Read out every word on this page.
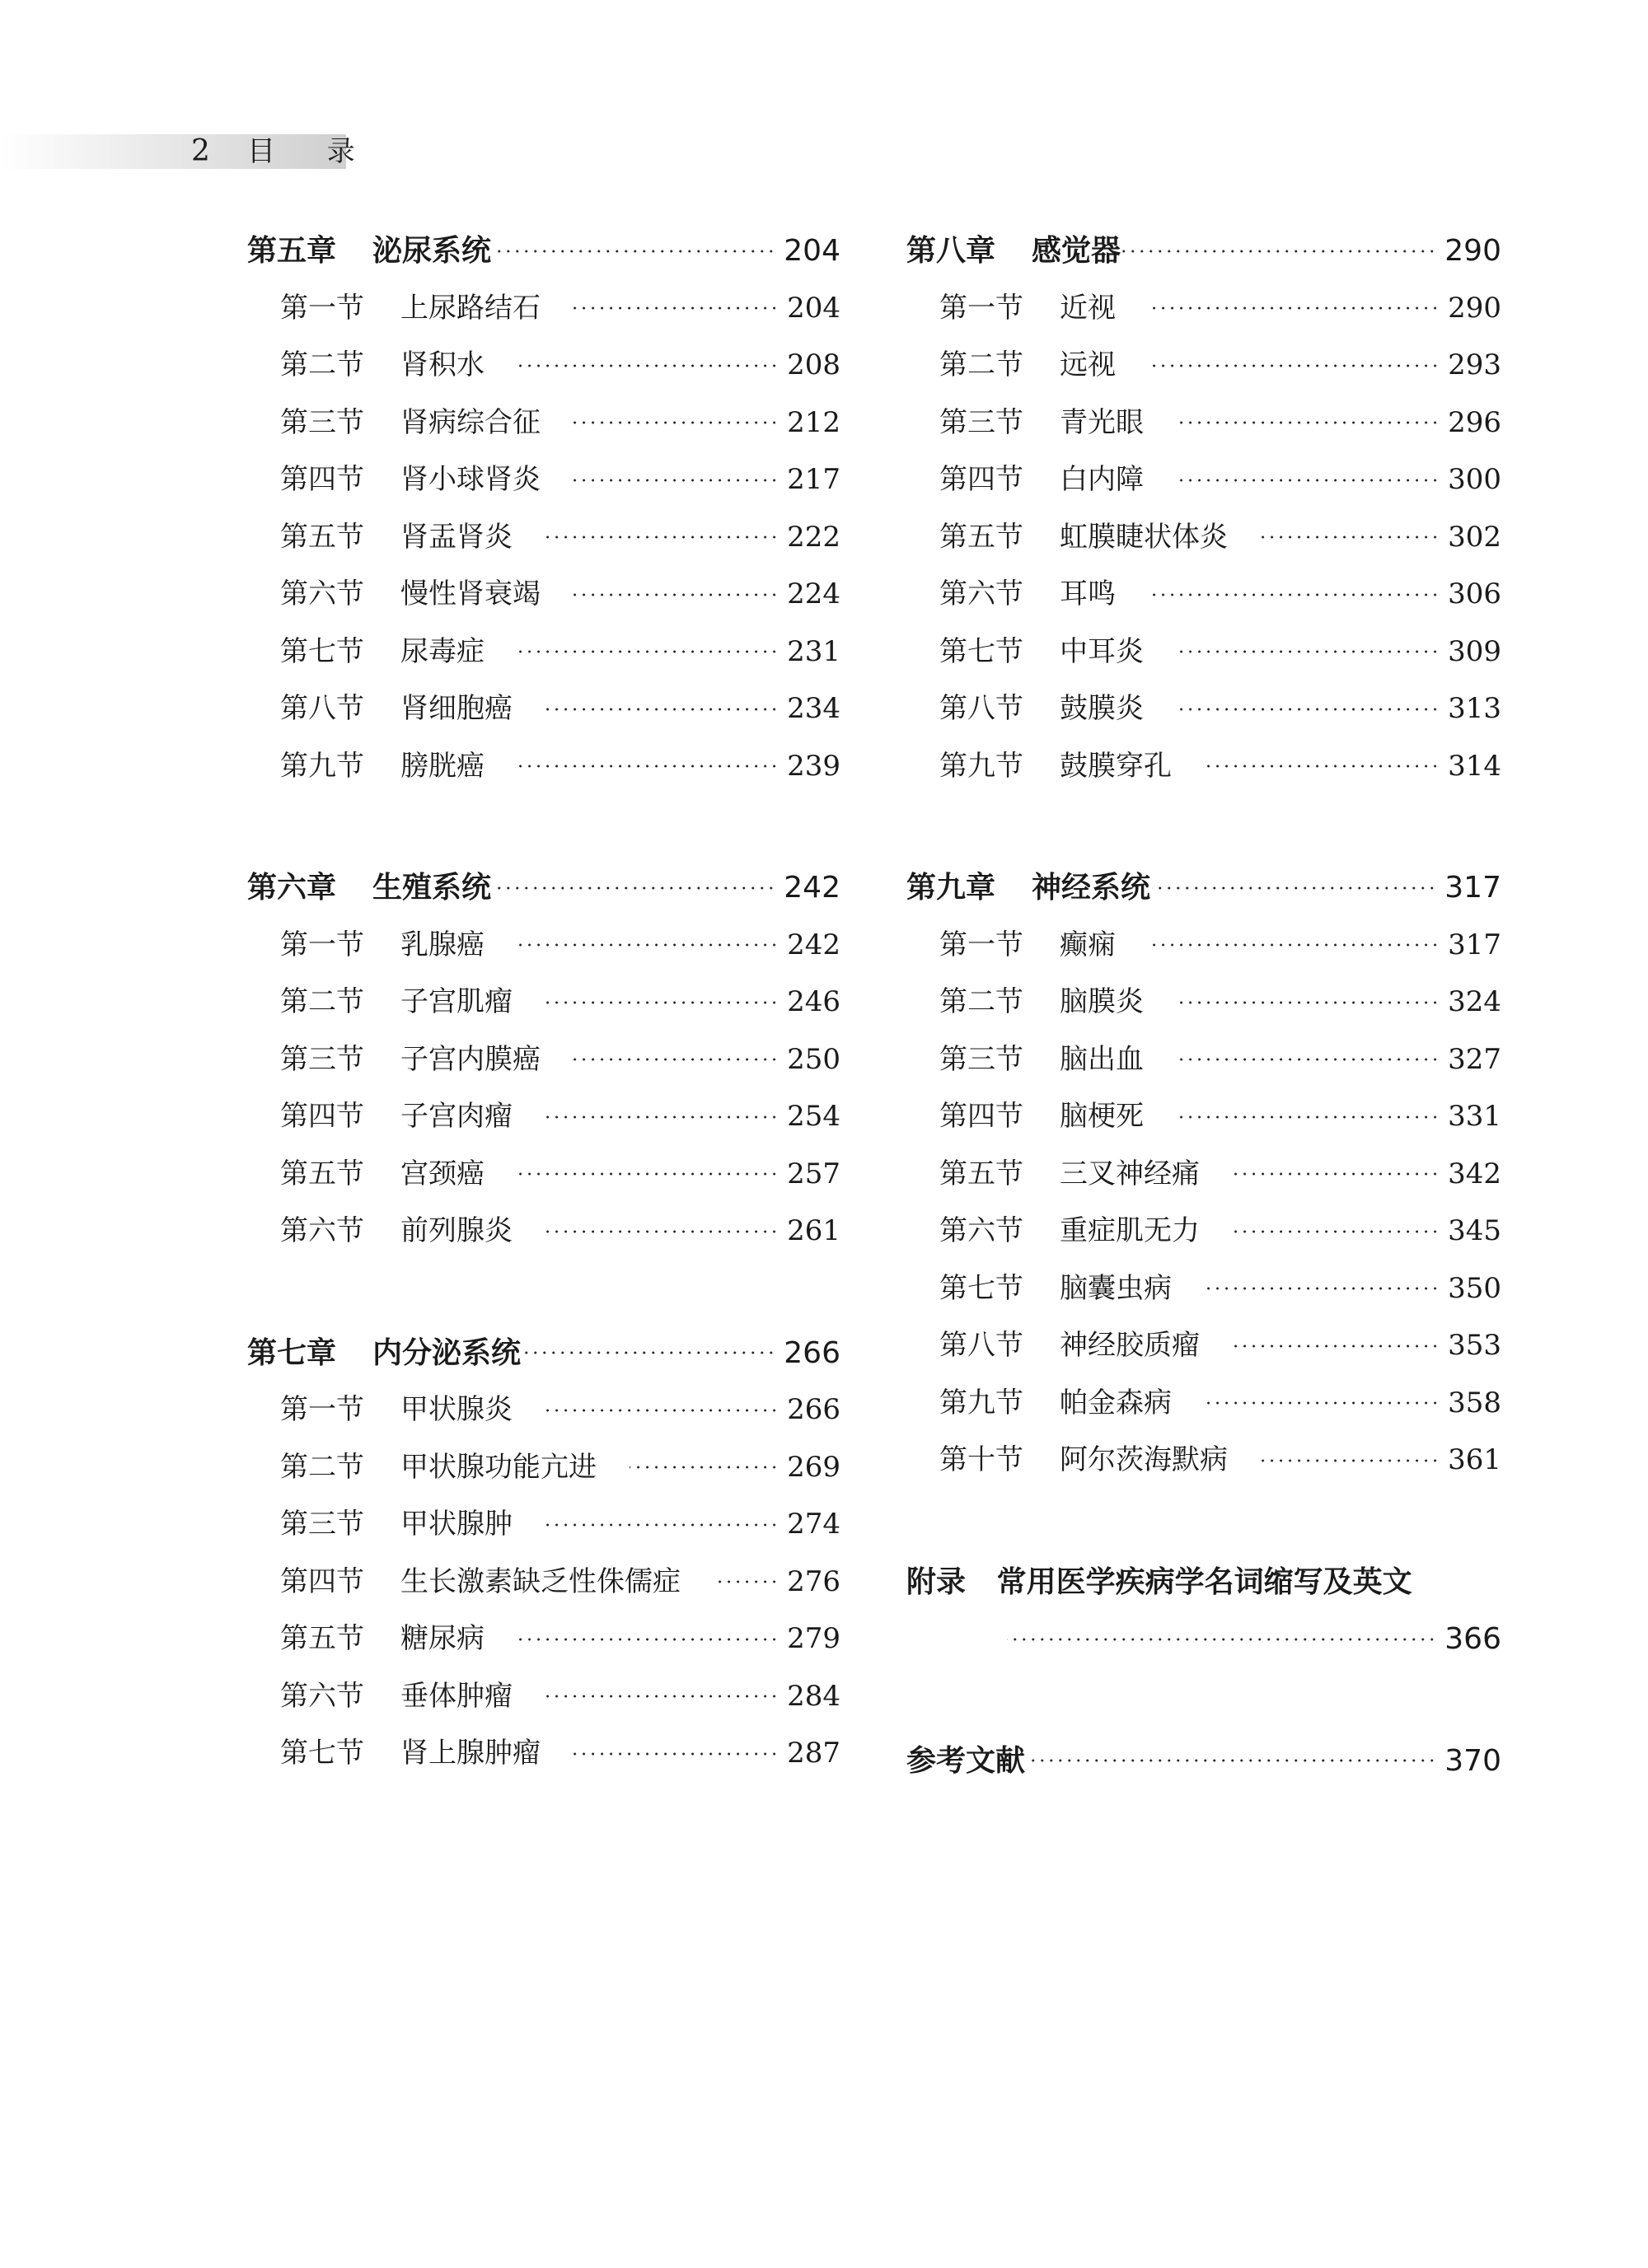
2 目 录
第五章	泌尿系统	204
第一节	上尿路结石	204
第二节	肾积水	208
第三节	肾病综合征	212
第四节	肾小球肾炎	217
第五节	肾盂肾炎	222
第六节	慢性肾衰竭	224
第七节	尿毒症	231
第八节	肾细胞癌	234
第九节	膀胱癌	239
第六章	生殖系统	242
第一节	乳腺癌	242
第二节	子宫肌瘤	246
第三节	子宫内膜癌	250
第四节	子宫肉瘤	254
第五节	宫颈癌	257
第六节	前列腺炎	261
第七章	内分泌系统	266
第一节	甲状腺炎	266
第二节	甲状腺功能亢进	269
第三节	甲状腺肿	274
第四节	生长激素缺乏性侏儒症	276
第五节	糖尿病	279
第六节	垂体肿瘤	284
第七节	肾上腺肿瘤	287
第八章	感觉器	290
第一节	近视	290
第二节	远视	293
第三节	青光眼	296
第四节	白内障	300
第五节	虹膜睫状体炎	302
第六节	耳鸣	306
第七节	中耳炎	309
第八节	鼓膜炎	313
第九节	鼓膜穿孔	314
第九章	神经系统	317
第一节	癫痫	317
第二节	脑膜炎	324
第三节	脑出血	327
第四节	脑梗死	331
第五节	三叉神经痛	342
第六节	重症肌无力	345
第七节	脑囊虫病	350
第八节	神经胶质瘤	353
第九节	帕金森病	358
第十节	阿尔茨海默病	361
附录 常用医学疾病学名词缩写及英文
366
参考文献	370
